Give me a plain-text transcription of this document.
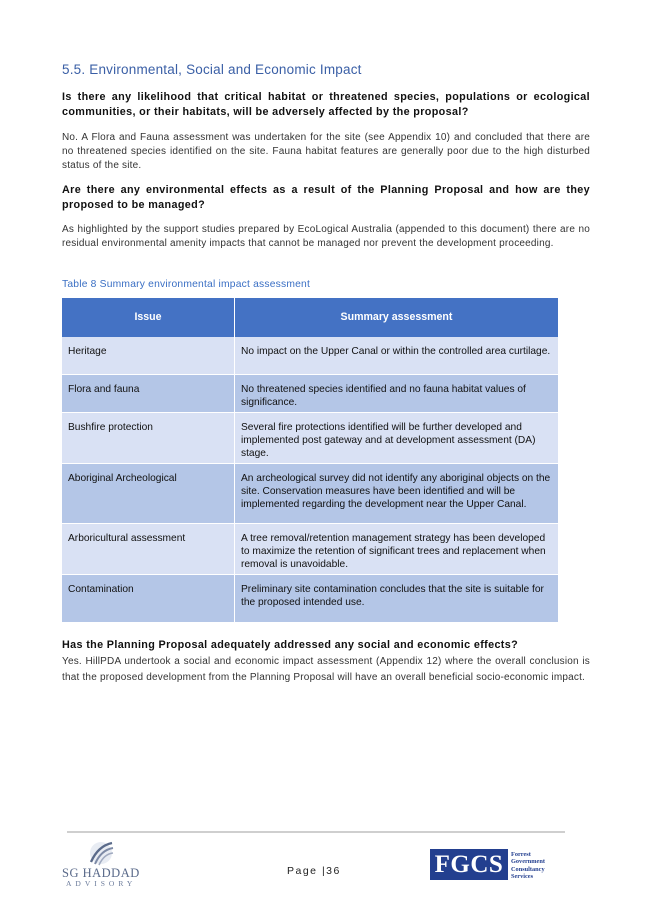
5.5. Environmental, Social and Economic Impact
Is there any likelihood that critical habitat or threatened species, populations or ecological communities, or their habitats, will be adversely affected by the proposal?
No. A Flora and Fauna assessment was undertaken for the site (see Appendix 10) and concluded that there are no threatened species identified on the site. Fauna habitat features are generally poor due to the high disturbed status of the site.
Are there any environmental effects as a result of the Planning Proposal and how are they proposed to be managed?
As highlighted by the support studies prepared by EcoLogical Australia (appended to this document) there are no residual environmental amenity impacts that cannot be managed nor prevent the development proceeding.
Table 8 Summary environmental impact assessment
Issue	Summary assessment
Heritage	No impact on the Upper Canal or within the controlled area curtilage.
Flora and fauna	No threatened species identified and no fauna habitat values of significance.
Bushfire protection	Several fire protections identified will be further developed and implemented post gateway and at development assessment (DA) stage.
Aboriginal Archeological	An archeological survey did not identify any aboriginal objects on the site. Conservation measures have been identified and will be implemented regarding the development near the Upper Canal.
Arboricultural assessment	A tree removal/retention management strategy has been developed to maximize the retention of significant trees and replacement when removal is unavoidable.
Contamination	Preliminary site contamination concludes that the site is suitable for the proposed intended use.
Has the Planning Proposal adequately addressed any social and economic effects?
Yes. HillPDA undertook a social and economic impact assessment (Appendix 12) where the overall conclusion is that the proposed development from the Planning Proposal will have an overall beneficial socio-economic impact.
SG HADDAD
ADVISORY
Page |36	FGCS	Forrest
Government
Consultancy
Services
